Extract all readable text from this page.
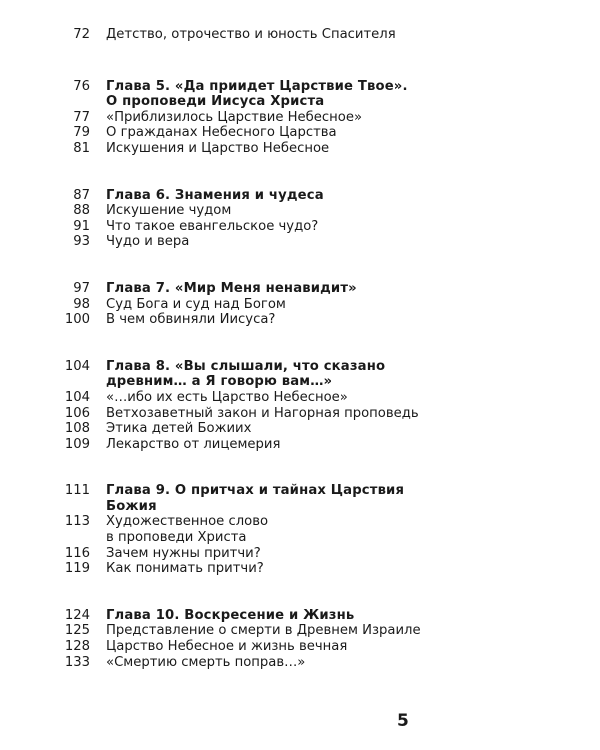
72 Детство, отрочество и юность Спасителя
76 Глава 5. «Да приидет Царствие Твое».
О проповеди Иисуса Христа
77 «Приблизилось Царствие Небесное»
79 О гражданах Небесного Царства
81 Искушения и Царство Небесное
87 Глава 6. Знамения и чудеса
88 Искушение чудом
91 Что такое евангельское чудо?
93 Чудо и вера
97 Глава 7. «Мир Меня ненавидит»
98 Суд Бога и суд над Богом
100 В чем обвиняли Иисуса?
104 Глава 8. «Вы слышали, что сказано
древним… а Я говорю вам…»
104 «…ибо их есть Царство Небесное»
106 Ветхозаветный закон и Нагорная проповедь
108 Этика детей Божиих
109 Лекарство от лицемерия
111 Глава 9. О притчах и тайнах Царствия
Божия
113 Художественное слово
в проповеди Христа
116 Зачем нужны притчи?
119 Как понимать притчи?
124 Глава 10. Воскресение и Жизнь
125 Представление о смерти в Древнем Израиле
128 Царство Небесное и жизнь вечная
133 «Смертию смерть поправ…»
5
